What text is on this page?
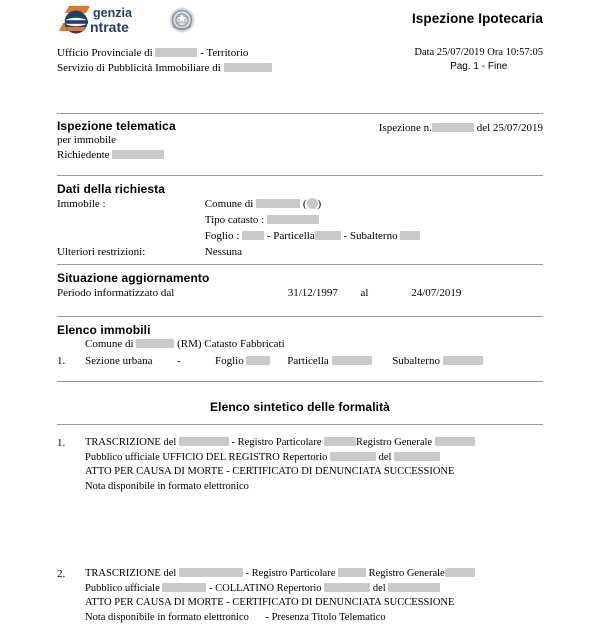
genzia
ntrate
Ispezione Ipotecaria
Ufficio Provinciale di	- Territorio
Servizio di Pubblicità Immobiliare di
Data 25/07/2019 Ora 10:57:05
Pag. 1 - Fine
Ispezione telematica
per immobile
Richiedente
Ispezione n.	del 25/07/2019
Dati della richiesta
Immobile :	Comune di	( )
Tipo catasto :
Foglio :	- Particella	- Subalterno
Ulteriori restrizioni:	Nessuna
Situazione aggiornamento
Periodo informatizzato dal	31/12/1997 al	24/07/2019
Elenco immobili
Comune di	(RM) Catasto Fabbricati
1. Sezione urbana -	Foglio	Particella	Subalterno
Elenco sintetico delle formalità
1. TRASCRIZIONE del	- Registro Particolare	Registro Generale
Pubblico ufficiale UFFICIO DEL REGISTRO Repertorio	del
ATTO PER CAUSA DI MORTE - CERTIFICATO DI DENUNCIATA SUCCESSIONE
Nota disponibile in formato elettronico
2. TRASCRIZIONE del	- Registro Particolare	Registro Generale
Pubblico ufficiale	- COLLATINO Repertorio	del
ATTO PER CAUSA DI MORTE - CERTIFICATO DI DENUNCIATA SUCCESSIONE
Nota disponibile in formato elettronico - Presenza Titolo Telematico
